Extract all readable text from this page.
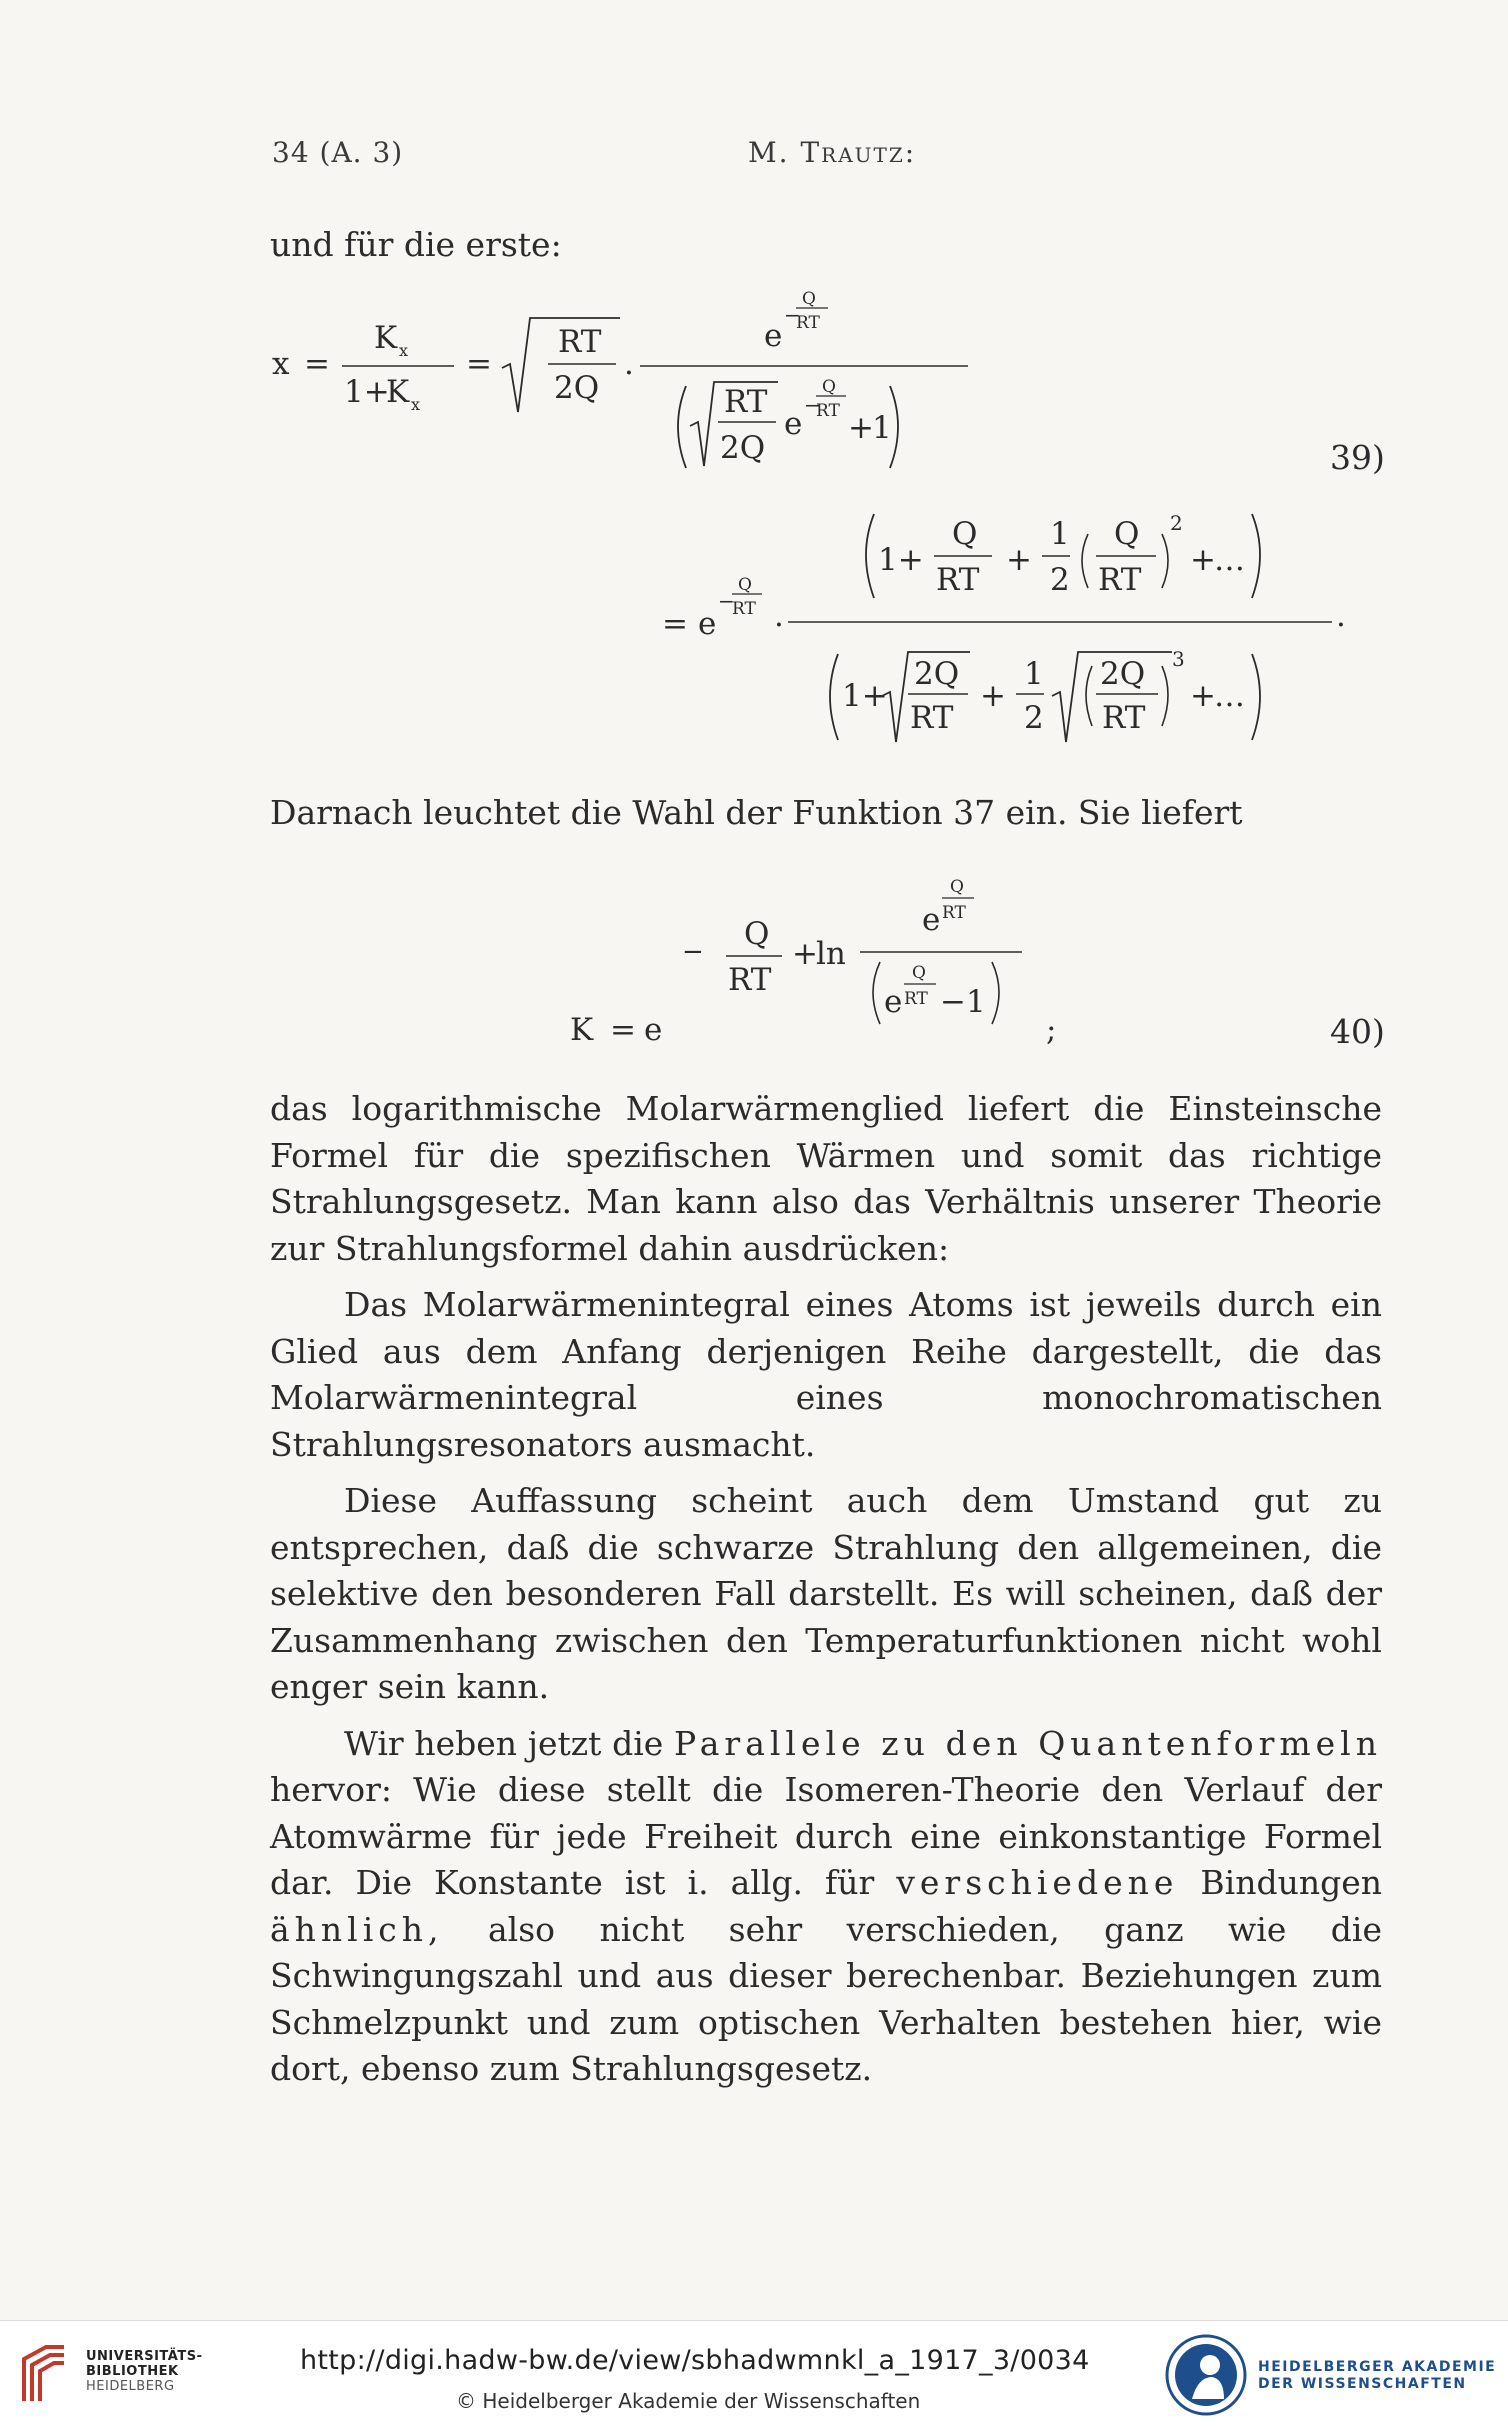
34 (A. 3)	M. Trautz:
und für die erste:
x =
K x
1+
K x
=
RT
2Q
.
e
−
Q
RT
RT
2Q
e
−
Q
RT +
1
= e
−
Q
RT .	.
1+
Q
RT
+
1
2
Q
RT
2
+
…
1+
2Q
RT
+
1
2
2Q
RT
3
+
…
39)
Darnach leuchtet die Wahl der Funktion 37 ein. Sie liefert
K = e
− Q
RT
+
ln
e
Q
RT
e
Q
RT −1
;	40)

das logarithmische Molarwärmenglied liefert die Einsteinsche Formel für die spezifischen Wärmen und somit das richtige Strahlungsgesetz. Man kann also das Verhältnis unserer Theorie zur Strahlungsformel dahin ausdrücken:

Das Molarwärmenintegral eines Atoms ist jeweils durch ein Glied aus dem Anfang derjenigen Reihe dargestellt, die das Molarwärmenintegral eines monochromatischen Strahlungsresonators ausmacht.

Diese Auffassung scheint auch dem Umstand gut zu entsprechen, daß die schwarze Strahlung den allgemeinen, die selektive den besonderen Fall darstellt. Es will scheinen, daß der Zusammenhang zwischen den Temperaturfunktionen nicht wohl enger sein kann.

Wir heben jetzt die Parallele zu den Quantenformeln hervor: Wie diese stellt die Isomeren-Theorie den Verlauf der Atomwärme für jede Freiheit durch eine einkonstantige Formel dar. Die Konstante ist i. allg. für verschiedene Bindungen ähnlich, also nicht sehr verschieden, ganz wie die Schwingungszahl und aus dieser berechenbar. Beziehungen zum Schmelzpunkt und zum optischen Verhalten bestehen hier, wie dort, ebenso zum Strahlungsgesetz.

UNIVERSITÄTS-
BIBLIOTHEK
HEIDELBERG
http://digi.hadw-bw.de/view/sbhadwmnkl_a_1917_3/0034
© Heidelberger Akademie der Wissenschaften
HEIDELBERGER AKADEMIE
DER WISSENSCHAFTEN
